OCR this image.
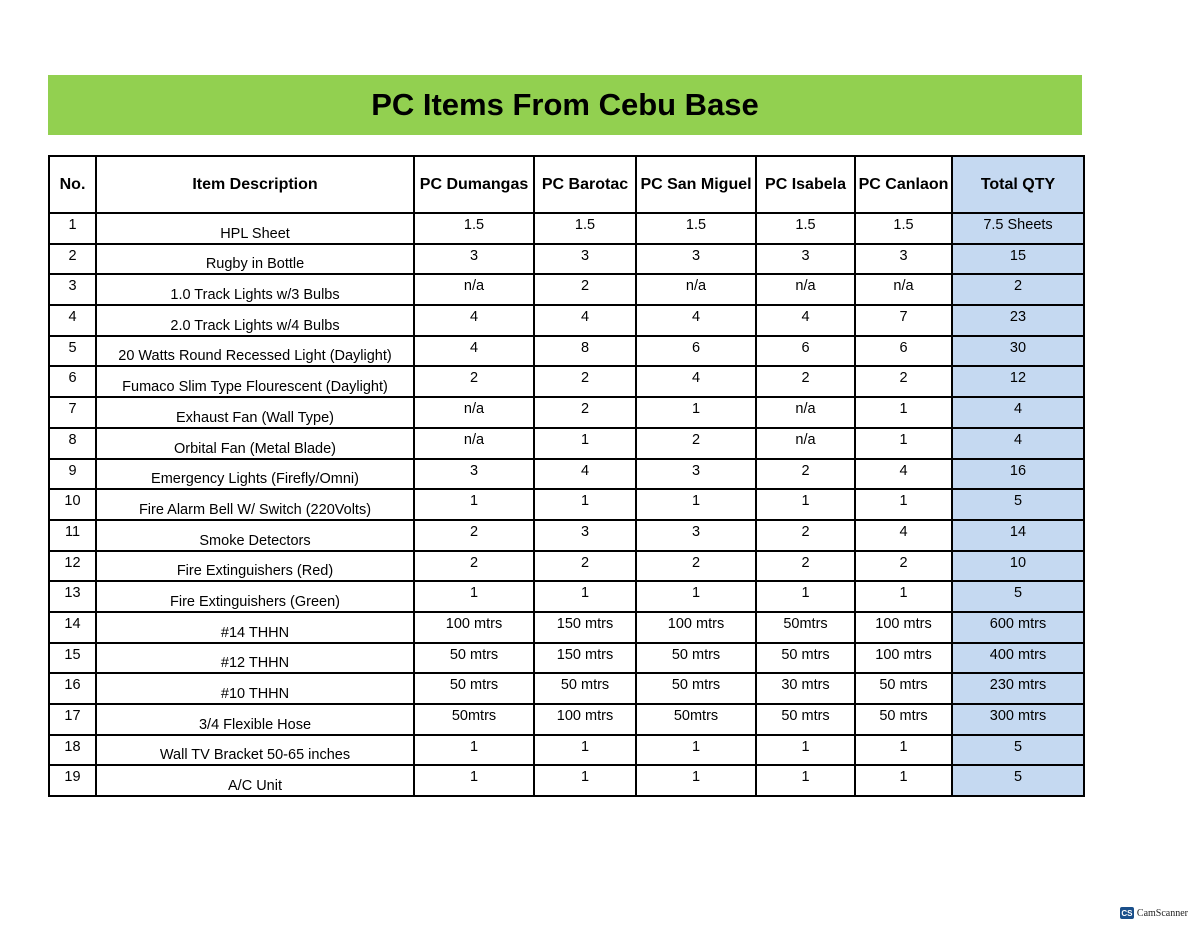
PC Items From Cebu Base
No.	Item Description	PC Dumangas	PC Barotac	PC San Miguel	PC Isabela	PC Canlaon	Total QTY
1	HPL Sheet	1.5	1.5	1.5	1.5	1.5	7.5 Sheets
2	Rugby in Bottle	3	3	3	3	3	15
3	1.0 Track Lights w/3 Bulbs	n/a	2	n/a	n/a	n/a	2
4	2.0 Track Lights w/4 Bulbs	4	4	4	4	7	23
5	20 Watts Round Recessed Light (Daylight)	4	8	6	6	6	30
6	Fumaco Slim Type Flourescent (Daylight)	2	2	4	2	2	12
7	Exhaust Fan (Wall Type)	n/a	2	1	n/a	1	4
8	Orbital Fan (Metal Blade)	n/a	1	2	n/a	1	4
9	Emergency Lights (Firefly/Omni)	3	4	3	2	4	16
10	Fire Alarm Bell W/ Switch (220Volts)	1	1	1	1	1	5
11	Smoke Detectors	2	3	3	2	4	14
12	Fire Extinguishers (Red)	2	2	2	2	2	10
13	Fire Extinguishers (Green)	1	1	1	1	1	5
14	#14 THHN	100 mtrs	150 mtrs	100 mtrs	50mtrs	100 mtrs	600 mtrs
15	#12 THHN	50 mtrs	150 mtrs	50 mtrs	50 mtrs	100 mtrs	400 mtrs
16	#10 THHN	50 mtrs	50 mtrs	50 mtrs	30 mtrs	50 mtrs	230 mtrs
17	3/4 Flexible Hose	50mtrs	100 mtrs	50mtrs	50 mtrs	50 mtrs	300 mtrs
18	Wall TV Bracket 50-65 inches	1	1	1	1	1	5
19	A/C Unit	1	1	1	1	1	5
CS CamScanner
